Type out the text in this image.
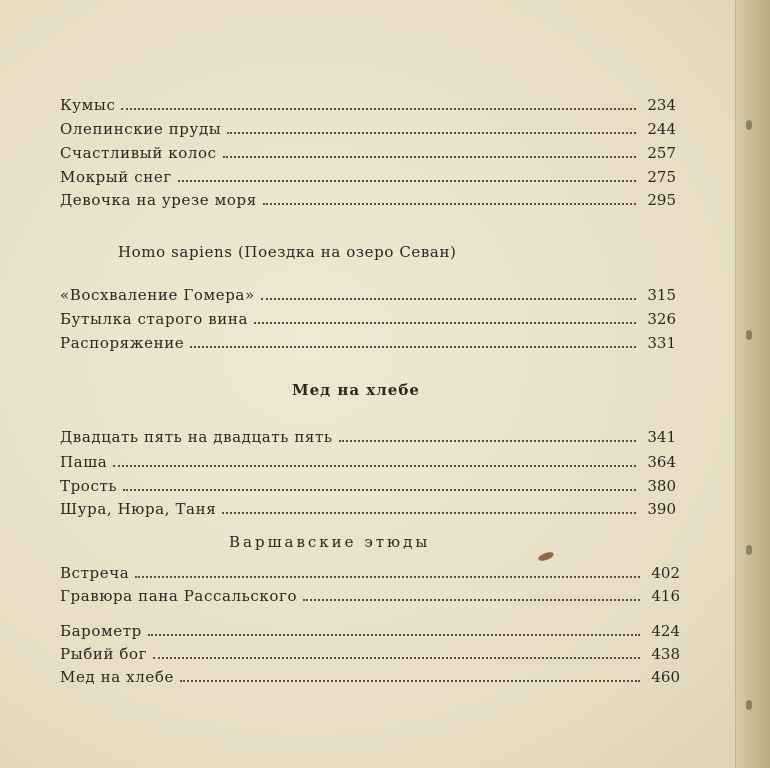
Кумыс	234
Олепинские пруды	244
Счастливый колос	257
Мокрый снег	275
Девочка на урезе моря	295
Homo sapiens (Поездка на озеро Севан)
«Восхваление Гомера»	315
Бутылка старого вина	326
Распоряжение	331
Мед на хлебе
Двадцать пять на двадцать пять	341
Паша	364
Трость	380
Шура, Нюра, Таня	390
Варшавские этюды
Встреча	402
Гравюра пана Рассальского	416
Барометр	424
Рыбий бог	438
Мед на хлебе	460
